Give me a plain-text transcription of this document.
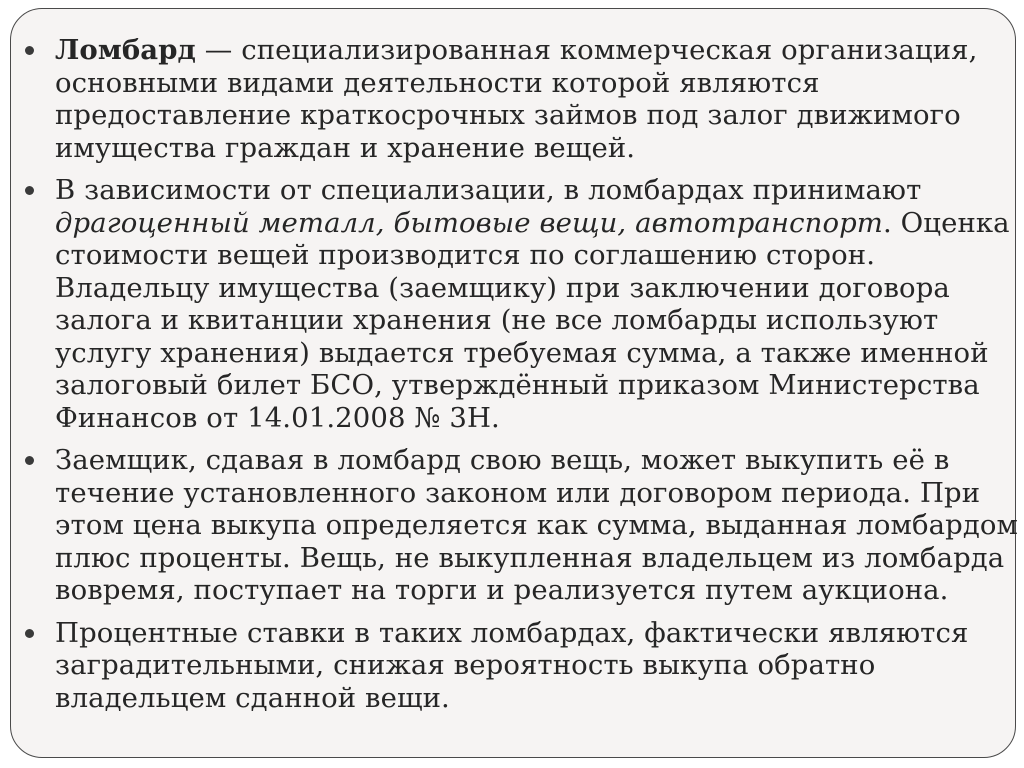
Ломбард — специализированная коммерческая организация,
основными видами деятельности которой являются
предоставление краткосрочных займов под залог движимого
имущества граждан и хранение вещей.
В зависимости от специализации, в ломбардах принимают
драгоценный металл, бытовые вещи, автотранспорт. Оценка
стоимости вещей производится по соглашению сторон.
Владельцу имущества (заемщику) при заключении договора
залога и квитанции хранения (не все ломбарды используют
услугу хранения) выдается требуемая сумма, а также именной
залоговый билет БСО, утверждённый приказом Министерства
Финансов от 14.01.2008 № 3Н.
Заемщик, сдавая в ломбард свою вещь, может выкупить её в
течение установленного законом или договором периода. При
этом цена выкупа определяется как сумма, выданная ломбардом
плюс проценты. Вещь, не выкупленная владельцем из ломбарда
вовремя, поступает на торги и реализуется путем аукциона.
Процентные ставки в таких ломбардах, фактически являются
заградительными, снижая вероятность выкупа обратно
владельцем сданной вещи.
